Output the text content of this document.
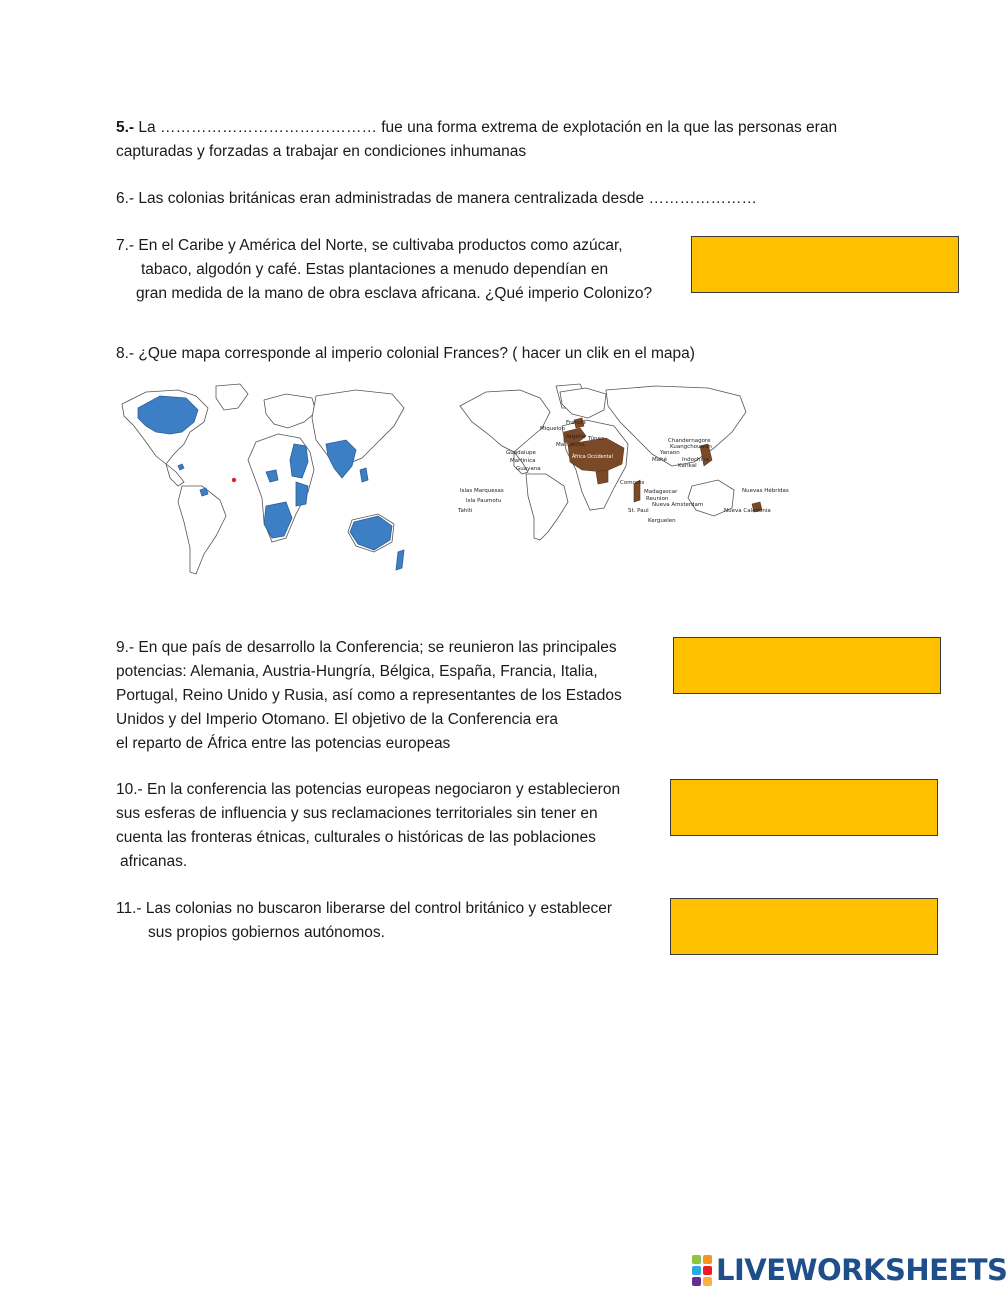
5.- La …………………………………… fue una forma extrema de explotación en la que las personas eran
capturadas y forzadas a trabajar en condiciones inhumanas
6.- Las colonias británicas eran administradas de manera centralizada desde …………………
7.- En el Caribe y América del Norte, se cultivaba productos como azúcar,
tabaco, algodón y café. Estas plantaciones a menudo dependían en
gran medida de la mano de obra esclava africana. ¿Qué imperio Colonizo?
8.- ¿Que mapa corresponde al imperio colonial Frances? ( hacer un clik en el mapa)
Francia
Miquelon
Argelia Túnez
Marruecos
Guadalupe
Martinica
Guayana
África Occidental
Chandernagore
Kuangchouwan
Yanaon
Mahé	Indochina
Karikal
Comores
Madagascar
Reunion
Nueva Amsterdam
St. Paul
Kerguelen
Islas Marquesas
Isla Paumotu
Tahiti
Nuevas Hébridas
Nueva Caledonia
9.- En que país de desarrollo la Conferencia; se reunieron las principales
potencias: Alemania, Austria-Hungría, Bélgica, España, Francia, Italia,
Portugal, Reino Unido y Rusia, así como a representantes de los Estados
Unidos y del Imperio Otomano. El objetivo de la Conferencia era
el reparto de África entre las potencias europeas
10.- En la conferencia las potencias europeas negociaron y establecieron
sus esferas de influencia y sus reclamaciones territoriales sin tener en
cuenta las fronteras étnicas, culturales o históricas de las poblaciones
africanas.
11.- Las colonias no buscaron liberarse del control británico y establecer
sus propios gobiernos autónomos.
LIVEWORKSHEETS
